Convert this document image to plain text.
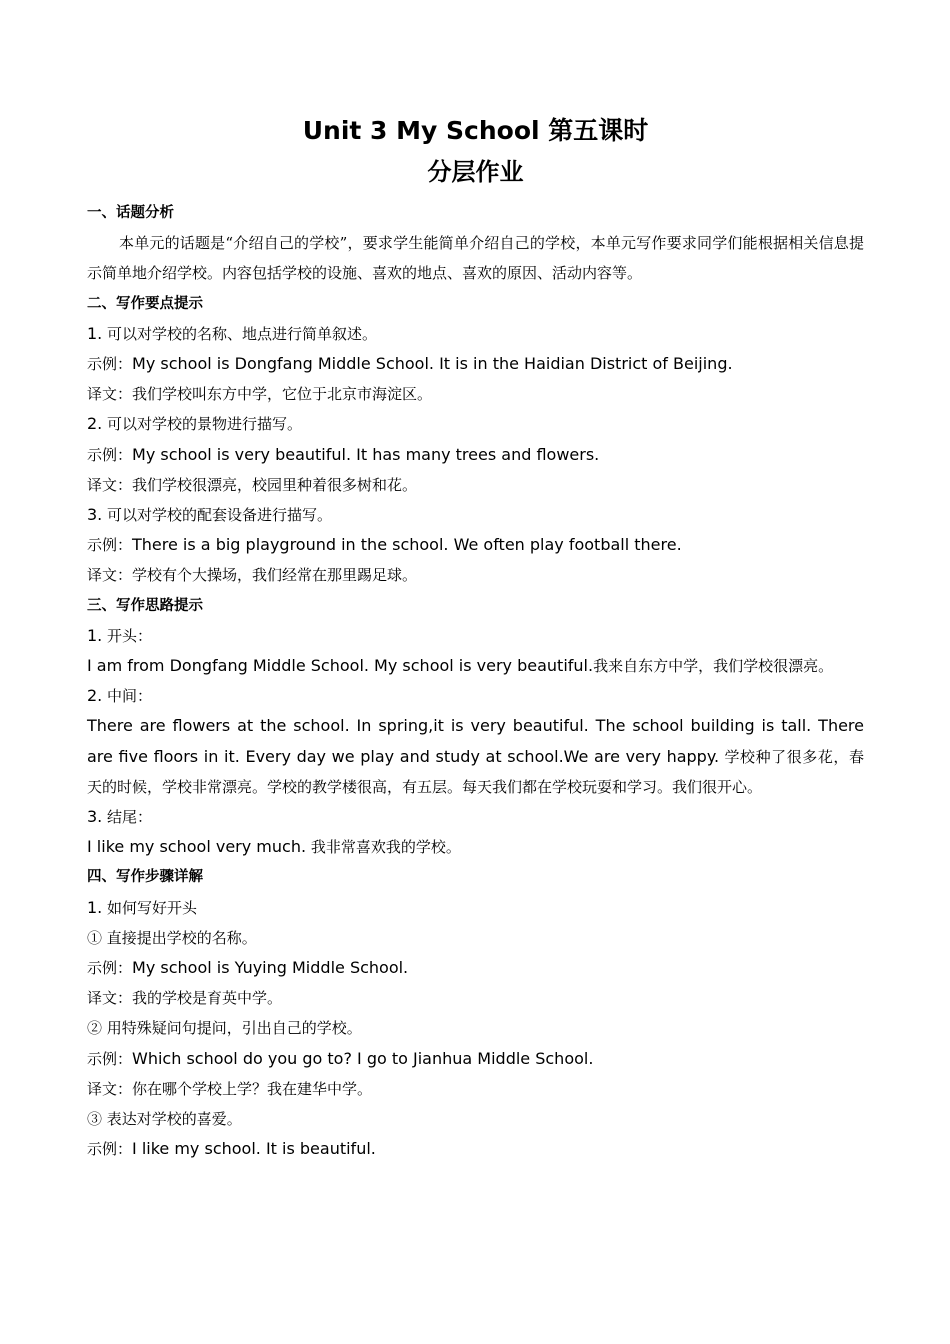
Unit 3 My School 第五课时
分层作业

一、话题分析

本单元的话题是“介绍自己的学校”，要求学生能简单介绍自己的学校，本单元写作要求同学们能根据相关信息提示简单地介绍学校。内容包括学校的设施、喜欢的地点、喜欢的原因、活动内容等。

二、写作要点提示

1. 可以对学校的名称、地点进行简单叙述。

示例：My school is Dongfang Middle School. It is in the Haidian District of Beijing.

译文：我们学校叫东方中学，它位于北京市海淀区。

2. 可以对学校的景物进行描写。

示例：My school is very beautiful. It has many trees and flowers.

译文：我们学校很漂亮，校园里种着很多树和花。

3. 可以对学校的配套设备进行描写。

示例：There is a big playground in the school. We often play football there.

译文：学校有个大操场，我们经常在那里踢足球。

三、写作思路提示

1. 开头：

I am from Dongfang Middle School. My school is very beautiful.我来自东方中学，我们学校很漂亮。

2. 中间：

There are flowers at the school. In spring,it is very beautiful. The school building is tall. There are five floors in it. Every day we play and study at school.We are very happy. 学校种了很多花，春天的时候，学校非常漂亮。学校的教学楼很高，有五层。每天我们都在学校玩耍和学习。我们很开心。

3. 结尾：

I like my school very much. 我非常喜欢我的学校。

四、写作步骤详解

1. 如何写好开头

① 直接提出学校的名称。

示例：My school is Yuying Middle School.

译文：我的学校是育英中学。

② 用特殊疑问句提问，引出自己的学校。

示例：Which school do you go to? I go to Jianhua Middle School.

译文：你在哪个学校上学？我在建华中学。

③ 表达对学校的喜爱。

示例：I like my school. It is beautiful.
